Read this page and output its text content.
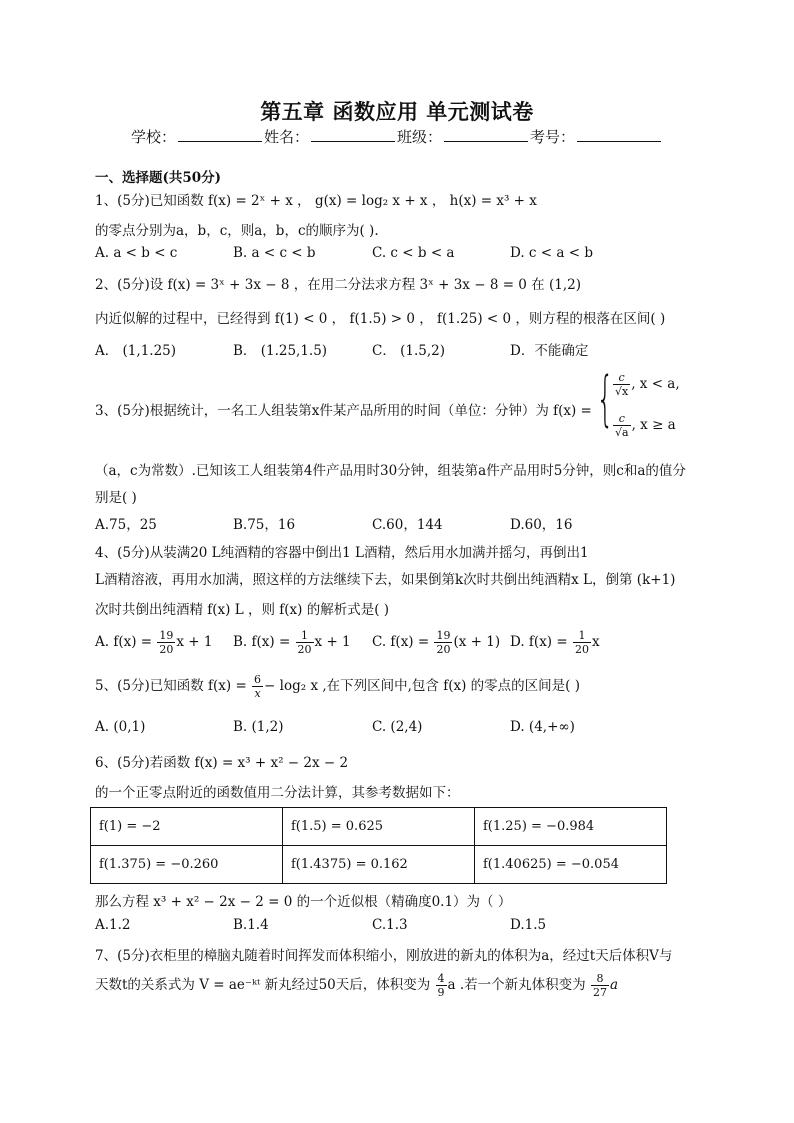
第五章 函数应用 单元测试卷
学校：	姓名：	班级：	考号：
一、选择题(共50分)
1、(5分)已知函数 f(x) = 2ˣ + x ， g(x) = log₂ x + x ， h(x) = x³ + x
的零点分别为a，b，c，则a，b，c的顺序为( ).
A. a < b < c	B. a < c < b	C. c < b < a	D. c < a < b
2、(5分)设 f(x) = 3ˣ + 3x − 8 ，在用二分法求方程 3ˣ + 3x − 8 = 0 在 (1,2)
内近似解的过程中，已经得到 f(1) < 0 ， f(1.5) > 0 ， f(1.25) < 0 ，则方程的根落在区间( )
A． (1,1.25)	B． (1.25,1.5)	C． (1.5,2)	D．不能确定
3、(5分)根据统计，一名工人组装第x件某产品所用的时间（单位：分钟）为 f(x) = { $\frac{c}{√x}$ , x < a,
$\frac{c}{√a}$ , x ≥ a
（a，c为常数）.已知该工人组装第4件产品用时30分钟，组装第a件产品用时5分钟，则c和a的值分
别是( )
A.75，25	B.75，16	C.60，144	D.60，16
4、(5分)从装满20 L纯酒精的容器中倒出1 L酒精，然后用水加满并摇匀，再倒出1
L酒精溶液，再用水加满，照这样的方法继续下去，如果倒第k次时共倒出纯酒精x L，倒第 (k+1)
次时共倒出纯酒精 f(x) L ，则 f(x) 的解析式是( )
A. $f(x) = \frac{19}{20}$ x + 1 B. $f(x) = \frac{1}{20}$ x + 1 C. $f(x) = \frac{19}{20} (x + 1)$ D. $f(x) = \frac{1}{20}$ x
5、(5分)已知函数 $f(x) = \frac{6}{x} - \log_2$ x ,在下列区间中,包含 f(x) 的零点的区间是( )
A. (0,1)	B. (1,2)	C. (2,4)	D. (4,+∞)
6、(5分)若函数 f(x) = x³ + x² − 2x − 2
的一个正零点附近的函数值用二分法计算，其参考数据如下：
f(1) = −2	f(1.5) = 0.625	f(1.25) = −0.984
f(1.375) = −0.260	f(1.4375) = 0.162	f(1.40625) = −0.054
那么方程 x³ + x² − 2x − 2 = 0 的一个近似根（精确度0.1）为（ ）
A.1.2	B.1.4	C.1.3	D.1.5
7、(5分)衣柜里的樟脑丸随着时间挥发而体积缩小，刚放进的新丸的体积为a，经过t天后体积V与
天数t的关系式为 V = ae⁻ᵏᵗ 新丸经过50天后，体积变为 $\frac{4}{9}$ a .若一个新丸体积变为 $\frac{8}{27}$ a
